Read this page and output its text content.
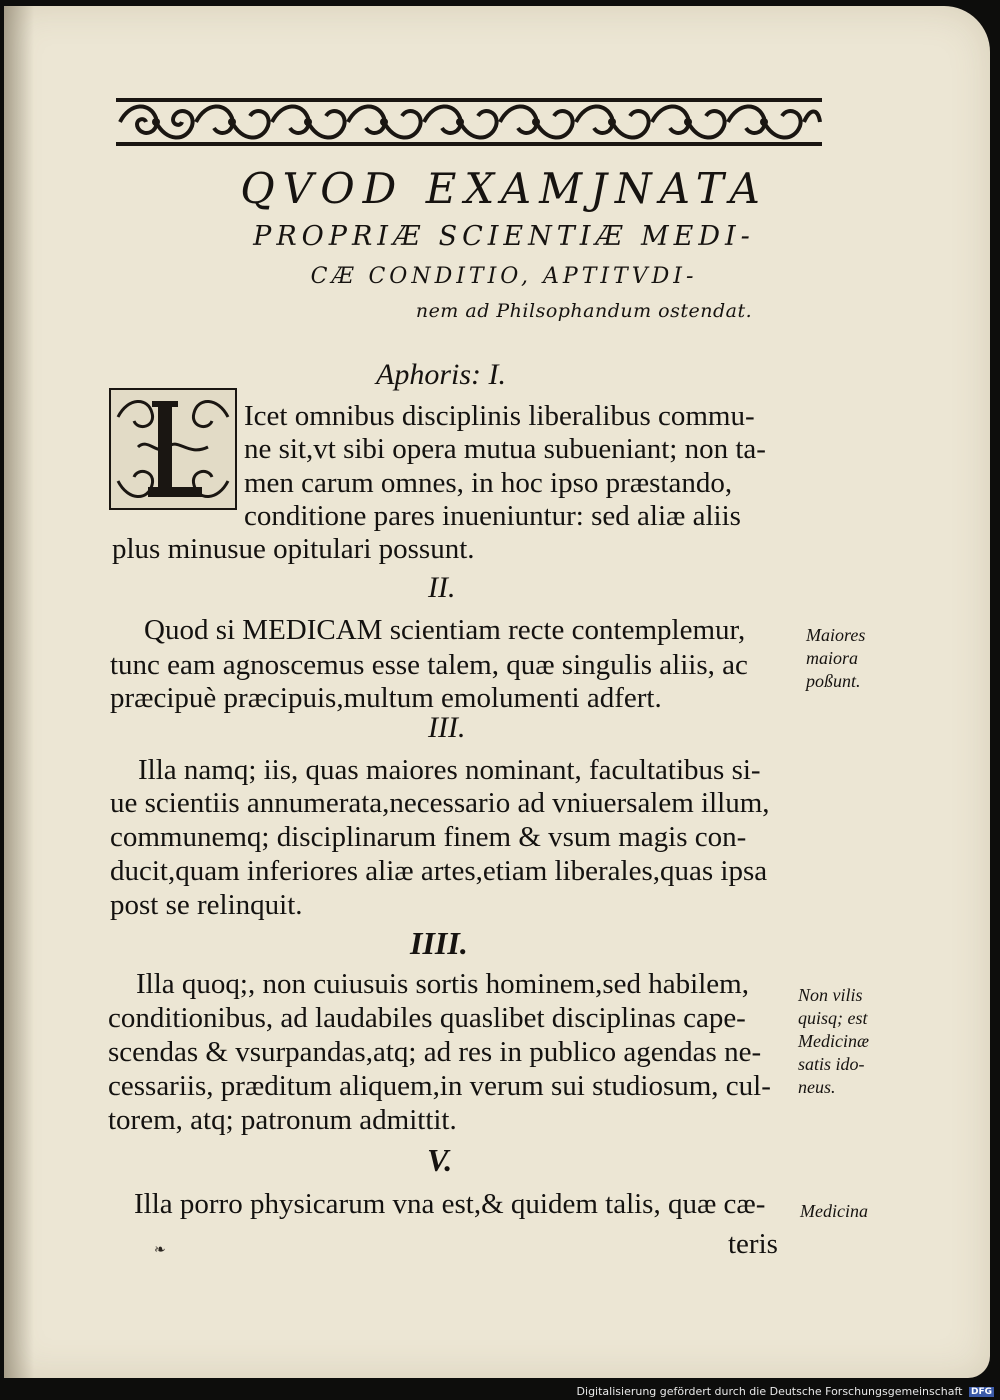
QVOD EXAMJNATA
PROPRIÆ SCIENTIÆ MEDI-
CÆ CONDITIO, APTITVDI-
nem ad Philsophandum ostendat.
Aphoris: I.
Icet omnibus disciplinis liberalibus commu-
ne sit,vt sibi opera mutua subueniant; non ta-
men carum omnes, in hoc ipso præstando,
conditione pares inueniuntur: sed aliæ aliis
plus minusue opitulari possunt.
II.
Quod si MEDICAM scientiam recte contemplemur,
tunc eam agnoscemus esse talem, quæ singulis aliis, ac
præcipuè præcipuis,multum emolumenti adfert.
Maiores
maiora
poßunt.
III.
Illa namq; iis, quas maiores nominant, facultatibus si-
ue scientiis annumerata,necessario ad vniuersalem illum,
communemq; disciplinarum finem & vsum magis con-
ducit,quam inferiores aliæ artes,etiam liberales,quas ipsa
post se relinquit.
IIII.
Illa quoq;, non cuiusuis sortis hominem,sed habilem,
conditionibus, ad laudabiles quaslibet disciplinas cape-
scendas & vsurpandas,atq; ad res in publico agendas ne-
cessariis, præditum aliquem,in verum sui studiosum, cul-
torem, atq; patronum admittit.
Non vilis
quisq; est
Medicinæ
satis ido-
neus.
V.
Illa porro physicarum vna est,& quidem talis, quæ cæ-
teris
Medicina
❧
Digitalisierung gefördert durch die Deutsche Forschungsgemeinschaft DFG
